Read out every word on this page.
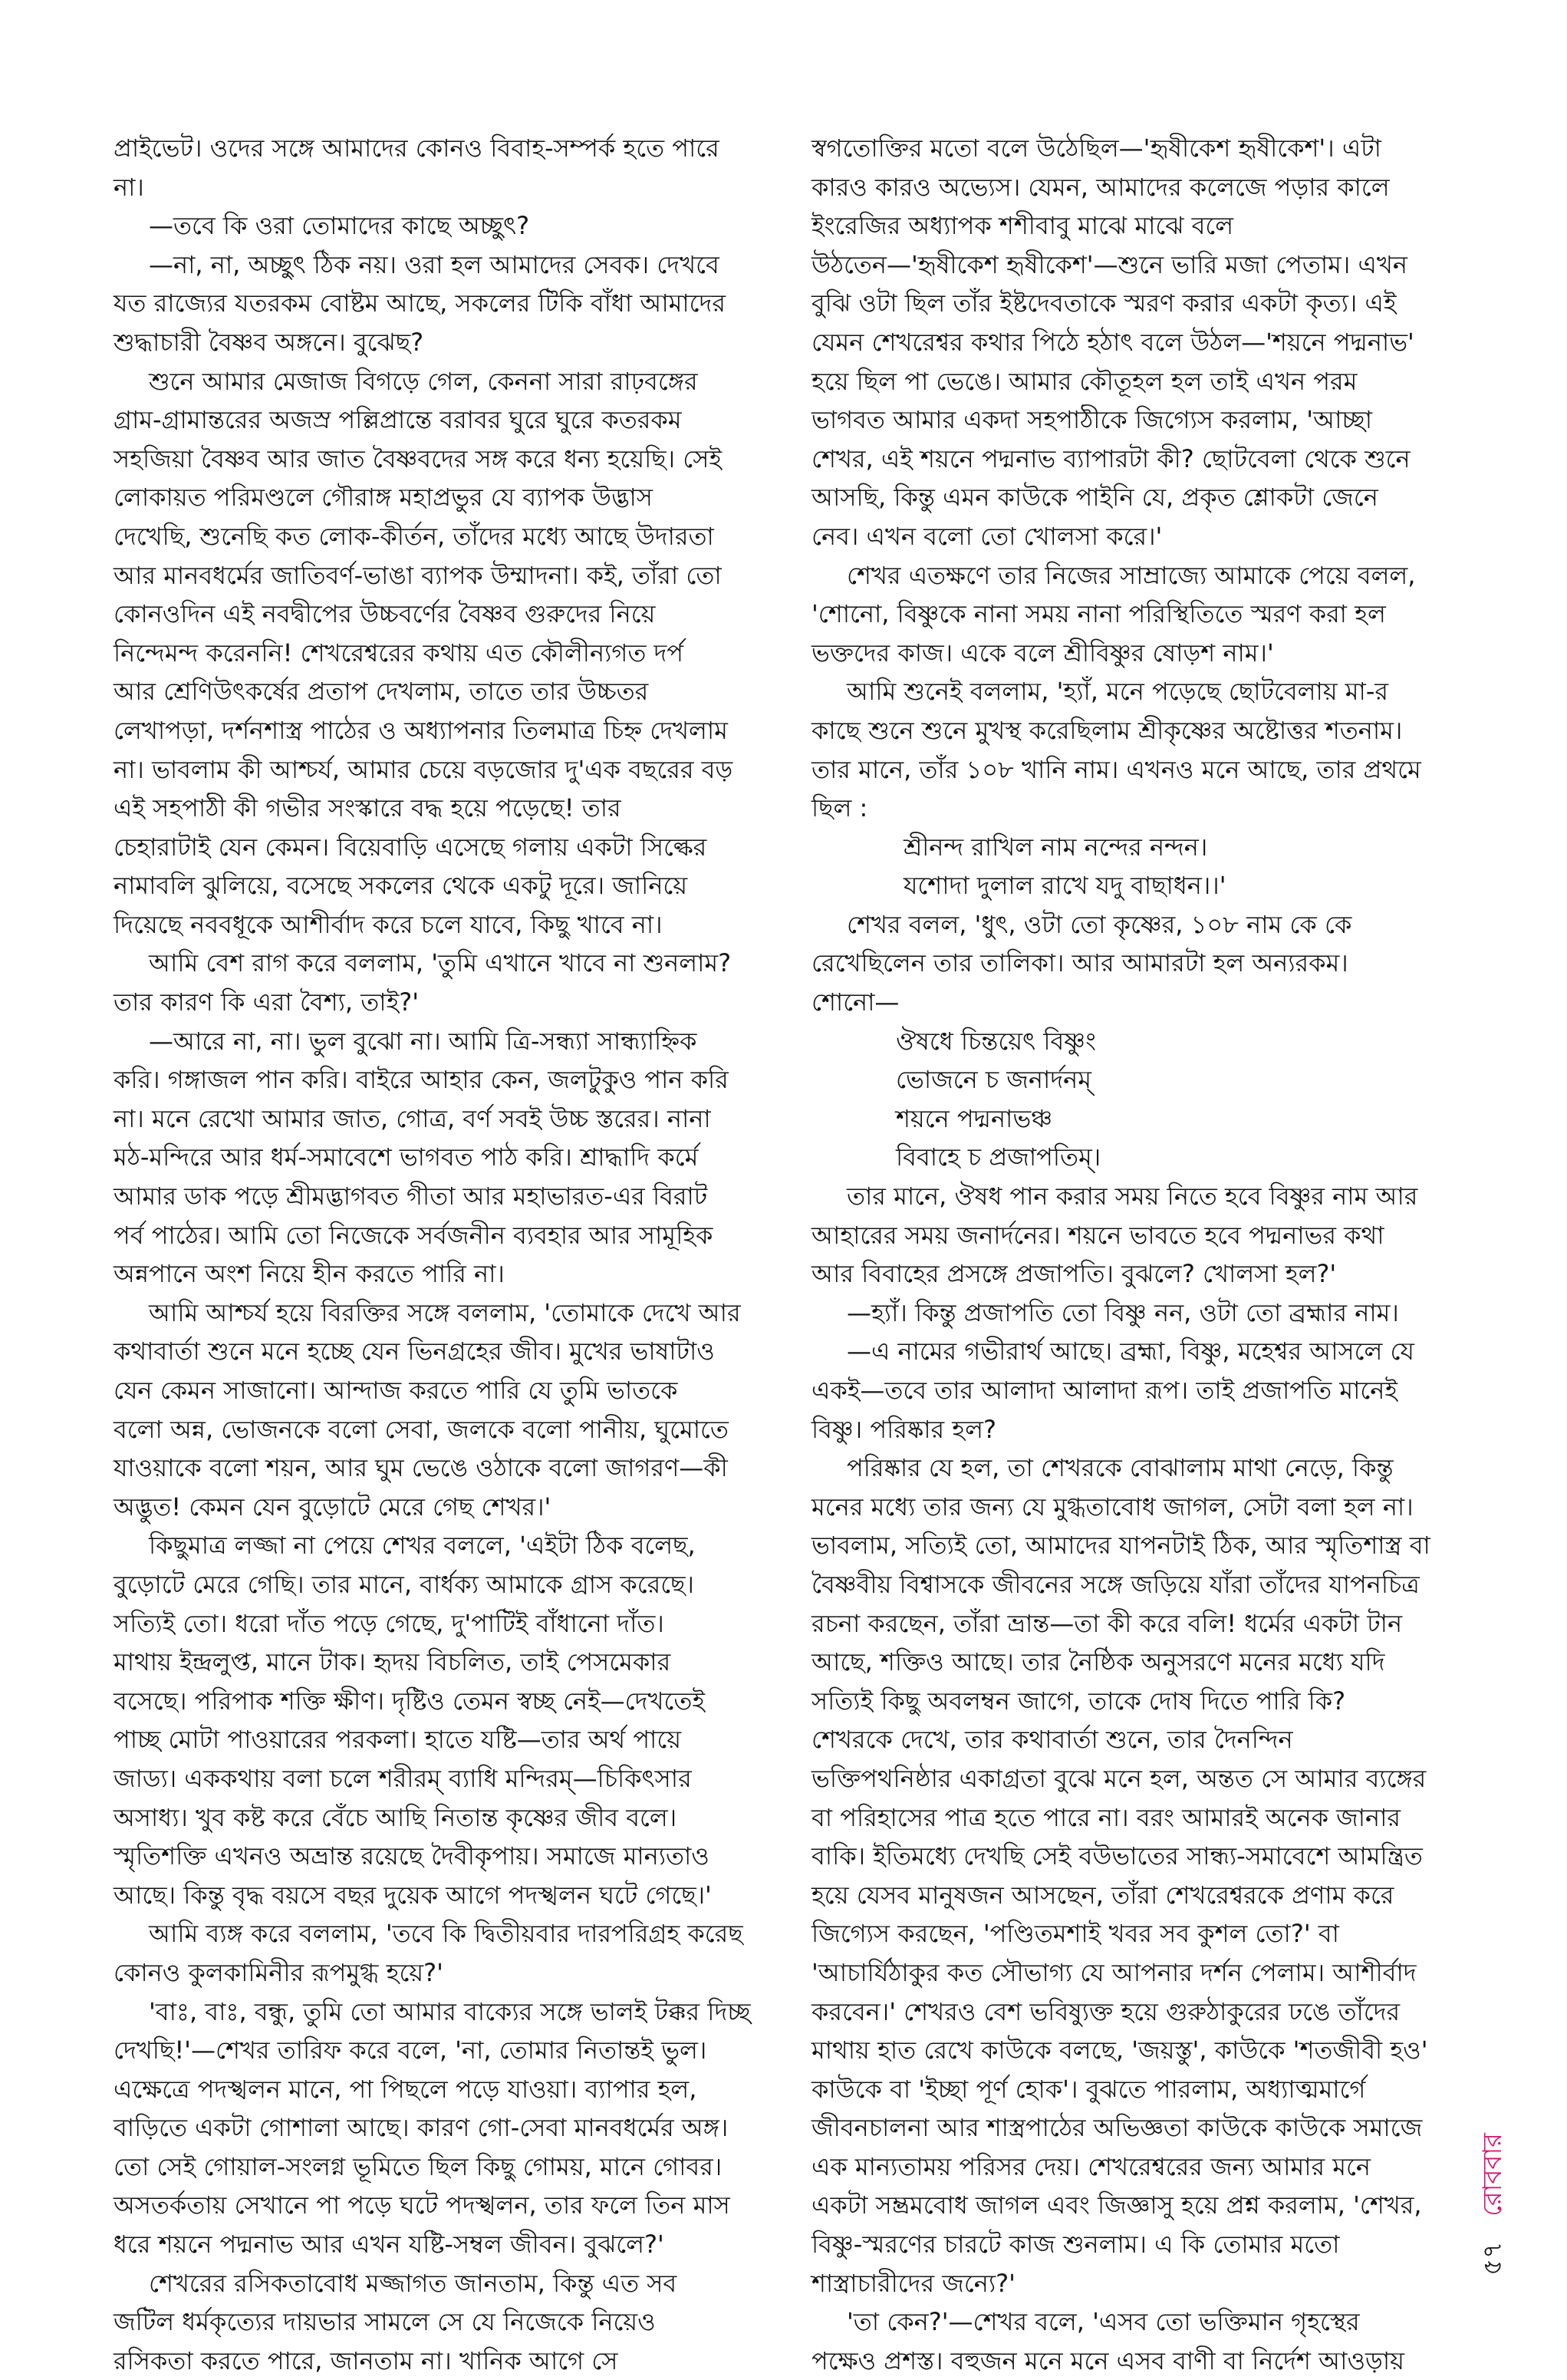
প্রাইভেট। ওদের সঙ্গে আমাদের কোনও বিবাহ-সম্পর্ক হতে পারে
না।
—তবে কি ওরা তোমাদের কাছে অচ্ছুৎ?
—না, না, অচ্ছুৎ ঠিক নয়। ওরা হল আমাদের সেবক। দেখবে
যত রাজ্যের যতরকম বোষ্টম আছে, সকলের টিকি বাঁধা আমাদের
শুদ্ধাচারী বৈষ্ণব অঙ্গনে। বুঝেছ?
শুনে আমার মেজাজ বিগড়ে গেল, কেননা সারা রাঢ়বঙ্গের
গ্রাম-গ্রামান্তরের অজস্র পল্লিপ্রান্তে বরাবর ঘুরে ঘুরে কতরকম
সহজিয়া বৈষ্ণব আর জাত বৈষ্ণবদের সঙ্গ করে ধন্য হয়েছি। সেই
লোকায়ত পরিমণ্ডলে গৌরাঙ্গ মহাপ্রভুর যে ব্যাপক উদ্ভাস
দেখেছি, শুনেছি কত লোক-কীর্তন, তাঁদের মধ্যে আছে উদারতা
আর মানবধর্মের জাতিবর্ণ-ভাঙা ব্যাপক উম্মাদনা। কই, তাঁরা তো
কোনওদিন এই নবদ্বীপের উচ্চবর্ণের বৈষ্ণব গুরুদের নিয়ে
নিন্দেমন্দ করেননি! শেখরেশ্বরের কথায় এত কৌলীন্যগত দর্প
আর শ্রেণিউৎকর্ষের প্রতাপ দেখলাম, তাতে তার উচ্চতর
লেখাপড়া, দর্শনশাস্ত্র পাঠের ও অধ্যাপনার তিলমাত্র চিহ্ন দেখলাম
না। ভাবলাম কী আশ্চর্য, আমার চেয়ে বড়জোর দু'এক বছরের বড়
এই সহপাঠী কী গভীর সংস্কারে বদ্ধ হয়ে পড়েছে! তার
চেহারাটাই যেন কেমন। বিয়েবাড়ি এসেছে গলায় একটা সিল্কের
নামাবলি ঝুলিয়ে, বসেছে সকলের থেকে একটু দূরে। জানিয়ে
দিয়েছে নববধূকে আশীর্বাদ করে চলে যাবে, কিছু খাবে না।
আমি বেশ রাগ করে বললাম, 'তুমি এখানে খাবে না শুনলাম?
তার কারণ কি এরা বৈশ্য, তাই?'
—আরে না, না। ভুল বুঝো না। আমি ত্রি-সন্ধ্যা সান্ধ্যাহ্নিক
করি। গঙ্গাজল পান করি। বাইরে আহার কেন, জলটুকুও পান করি
না। মনে রেখো আমার জাত, গোত্র, বর্ণ সবই উচ্চ স্তরের। নানা
মঠ-মন্দিরে আর ধর্ম-সমাবেশে ভাগবত পাঠ করি। শ্রাদ্ধাদি কর্মে
আমার ডাক পড়ে শ্রীমদ্ভাগবত গীতা আর মহাভারত-এর বিরাট
পর্ব পাঠের। আমি তো নিজেকে সর্বজনীন ব্যবহার আর সামূহিক
অন্নপানে অংশ নিয়ে হীন করতে পারি না।
আমি আশ্চর্য হয়ে বিরক্তির সঙ্গে বললাম, 'তোমাকে দেখে আর
কথাবার্তা শুনে মনে হচ্ছে যেন ভিনগ্রহের জীব। মুখের ভাষাটাও
যেন কেমন সাজানো। আন্দাজ করতে পারি যে তুমি ভাতকে
বলো অন্ন, ভোজনকে বলো সেবা, জলকে বলো পানীয়, ঘুমোতে
যাওয়াকে বলো শয়ন, আর ঘুম ভেঙে ওঠাকে বলো জাগরণ—কী
অদ্ভুত! কেমন যেন বুড়োটে মেরে গেছ শেখর।'
কিছুমাত্র লজ্জা না পেয়ে শেখর বললে, 'এইটা ঠিক বলেছ,
বুড়োটে মেরে গেছি। তার মানে, বার্ধক্য আমাকে গ্রাস করেছে।
সত্যিই তো। ধরো দাঁত পড়ে গেছে, দু'পাটিই বাঁধানো দাঁত।
মাথায় ইন্দ্রলুপ্ত, মানে টাক। হৃদয় বিচলিত, তাই পেসমেকার
বসেছে। পরিপাক শক্তি ক্ষীণ। দৃষ্টিও তেমন স্বচ্ছ নেই—দেখতেই
পাচ্ছ মোটা পাওয়ারের পরকলা। হাতে যষ্টি—তার অর্থ পায়ে
জাড্য। এককথায় বলা চলে শরীরম্‌ ব্যাধি মন্দিরম্‌—চিকিৎসার
অসাধ্য। খুব কষ্ট করে বেঁচে আছি নিতান্ত কৃষ্ণের জীব বলে।
স্মৃতিশক্তি এখনও অভ্রান্ত রয়েছে দৈবীকৃপায়। সমাজে মান্যতাও
আছে। কিন্তু বৃদ্ধ বয়সে বছর দুয়েক আগে পদস্খলন ঘটে গেছে।'
আমি ব্যঙ্গ করে বললাম, 'তবে কি দ্বিতীয়বার দারপরিগ্রহ করেছ
কোনও কুলকামিনীর রূপমুগ্ধ হয়ে?'
'বাঃ, বাঃ, বন্ধু, তুমি তো আমার বাক্যের সঙ্গে ভালই টক্কর দিচ্ছ
দেখছি!'—শেখর তারিফ করে বলে, 'না, তোমার নিতান্তই ভুল।
এক্ষেত্রে পদস্খলন মানে, পা পিছলে পড়ে যাওয়া। ব্যাপার হল,
বাড়িতে একটা গোশালা আছে। কারণ গো-সেবা মানবধর্মের অঙ্গ।
তো সেই গোয়াল-সংলগ্ন ভূমিতে ছিল কিছু গোময়, মানে গোবর।
অসতর্কতায় সেখানে পা পড়ে ঘটে পদস্খলন, তার ফলে তিন মাস
ধরে শয়নে পদ্মনাভ আর এখন যষ্টি-সম্বল জীবন। বুঝলে?'
শেখরের রসিকতাবোধ মজ্জাগত জানতাম, কিন্তু এত সব
জটিল ধর্মকৃত্যের দায়ভার সামলে সে যে নিজেকে নিয়েও
রসিকতা করতে পারে, জানতাম না। খানিক আগে সে
স্বগতোক্তির মতো বলে উঠেছিল—'হৃষীকেশ হৃষীকেশ'। এটা
কারও কারও অভ্যেস। যেমন, আমাদের কলেজে পড়ার কালে
ইংরেজির অধ্যাপক শশীবাবু মাঝে মাঝে বলে
উঠতেন—'হৃষীকেশ হৃষীকেশ'—শুনে ভারি মজা পেতাম। এখন
বুঝি ওটা ছিল তাঁর ইষ্টদেবতাকে স্মরণ করার একটা কৃত্য। এই
যেমন শেখরেশ্বর কথার পিঠে হঠাৎ বলে উঠল—'শয়নে পদ্মনাভ'
হয়ে ছিল পা ভেঙে। আমার কৌতূহল হল তাই এখন পরম
ভাগবত আমার একদা সহপাঠীকে জিগ্যেস করলাম, 'আচ্ছা
শেখর, এই শয়নে পদ্মনাভ ব্যাপারটা কী? ছোটবেলা থেকে শুনে
আসছি, কিন্তু এমন কাউকে পাইনি যে, প্রকৃত শ্লোকটা জেনে
নেব। এখন বলো তো খোলসা করে।'
শেখর এতক্ষণে তার নিজের সাম্রাজ্যে আমাকে পেয়ে বলল,
'শোনো, বিষ্ণুকে নানা সময় নানা পরিস্থিতিতে স্মরণ করা হল
ভক্তদের কাজ। একে বলে শ্রীবিষ্ণুর ষোড়শ নাম।'
আমি শুনেই বললাম, 'হ্যাঁ, মনে পড়েছে ছোটবেলায় মা-র
কাছে শুনে শুনে মুখস্থ করেছিলাম শ্রীকৃষ্ণের অষ্টোত্তর শতনাম।
তার মানে, তাঁর ১০৮ খানি নাম। এখনও মনে আছে, তার প্রথমে
ছিল :
শ্রীনন্দ রাখিল নাম নন্দের নন্দন।
যশোদা দুলাল রাখে যদু বাছাধন।।'
শেখর বলল, 'ধুৎ, ওটা তো কৃষ্ণের, ১০৮ নাম কে কে
রেখেছিলেন তার তালিকা। আর আমারটা হল অন্যরকম।
শোনো—
ঔষধে চিন্তয়েৎ বিষ্ণুং
ভোজনে চ জনার্দনম্‌
শয়নে পদ্মনাভঞ্চ
বিবাহে চ প্রজাপতিম্‌।
তার মানে, ঔষধ পান করার সময় নিতে হবে বিষ্ণুর নাম আর
আহারের সময় জনার্দনের। শয়নে ভাবতে হবে পদ্মনাভর কথা
আর বিবাহের প্রসঙ্গে প্রজাপতি। বুঝলে? খোলসা হল?'
—হ্যাঁ। কিন্তু প্রজাপতি তো বিষ্ণু নন, ওটা তো ব্রহ্মার নাম।
—এ নামের গভীরার্থ আছে। ব্রহ্মা, বিষ্ণু, মহেশ্বর আসলে যে
একই—তবে তার আলাদা আলাদা রূপ। তাই প্রজাপতি মানেই
বিষ্ণু। পরিষ্কার হল?
পরিষ্কার যে হল, তা শেখরকে বোঝালাম মাথা নেড়ে, কিন্তু
মনের মধ্যে তার জন্য যে মুগ্ধতাবোধ জাগল, সেটা বলা হল না।
ভাবলাম, সত্যিই তো, আমাদের যাপনটাই ঠিক, আর স্মৃতিশাস্ত্র বা
বৈষ্ণবীয় বিশ্বাসকে জীবনের সঙ্গে জড়িয়ে যাঁরা তাঁদের যাপনচিত্র
রচনা করছেন, তাঁরা ভ্রান্ত—তা কী করে বলি! ধর্মের একটা টান
আছে, শক্তিও আছে। তার নৈষ্ঠিক অনুসরণে মনের মধ্যে যদি
সত্যিই কিছু অবলম্বন জাগে, তাকে দোষ দিতে পারি কি?
শেখরকে দেখে, তার কথাবার্তা শুনে, তার দৈনন্দিন
ভক্তিপথনিষ্ঠার একাগ্রতা বুঝে মনে হল, অন্তত সে আমার ব্যঙ্গের
বা পরিহাসের পাত্র হতে পারে না। বরং আমারই অনেক জানার
বাকি। ইতিমধ্যে দেখছি সেই বউভাতের সান্ধ্য-সমাবেশে আমন্ত্রিত
হয়ে যেসব মানুষজন আসছেন, তাঁরা শেখরেশ্বরকে প্রণাম করে
জিগ্যেস করছেন, 'পণ্ডিতমশাই খবর সব কুশল তো?' বা
'আচার্যিঠাকুর কত সৌভাগ্য যে আপনার দর্শন পেলাম। আশীর্বাদ
করবেন।' শেখরও বেশ ভবিষ্যুক্ত হয়ে গুরুঠাকুরের ঢঙে তাঁদের
মাথায় হাত রেখে কাউকে বলছে, 'জয়স্তু', কাউকে 'শতজীবী হও'
কাউকে বা 'ইচ্ছা পূর্ণ হোক'। বুঝতে পারলাম, অধ্যাত্মমার্গে
জীবনচালনা আর শাস্ত্রপাঠের অভিজ্ঞতা কাউকে কাউকে সমাজে
এক মান্যতাময় পরিসর দেয়। শেখরেশ্বরের জন্য আমার মনে
একটা সম্ভ্রমবোধ জাগল এবং জিজ্ঞাসু হয়ে প্রশ্ন করলাম, 'শেখর,
বিষ্ণু-স্মরণের চারটে কাজ শুনলাম। এ কি তোমার মতো
শাস্ত্রাচারীদের জন্যে?'
'তা কেন?'—শেখর বলে, 'এসব তো ভক্তিমান গৃহস্থের
পক্ষেও প্রশস্ত। বহুজন মনে মনে এসব বাণী বা নির্দেশ আওড়ায়
৫৭ রোববার
